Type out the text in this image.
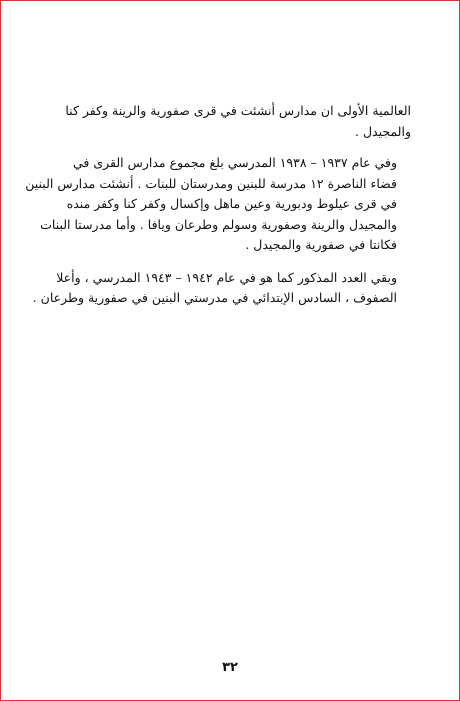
العالمية الأولى ان مدارس أنشئت في قرى صفورية والرينة وكفر كنا
والمجيدل .

وفي عام ١٩٣٧ – ١٩٣٨ المدرسي بلغ مجموع مدارس القرى في
قضاء الناصرة ١٢ مدرسة للبنين ومدرستان للبنات . أنشئت مدارس البنين
في قرى عيلوط ودبورية وعين ماهل وإكسال وكفر كنا وكفر منده
والمجيدل والرينة وصفورية وسولم وطرعان ويافا . وأما مدرستا البنات
فكانتا في صفورية والمجيدل .

وبقي العدد المذكور كما هو في عام ١٩٤٢ – ١٩٤٣ المدرسي ، وأعلا
الصفوف ، السادس الإبتدائي في مدرستي البنين في صفورية وطرعان .

٣٢
